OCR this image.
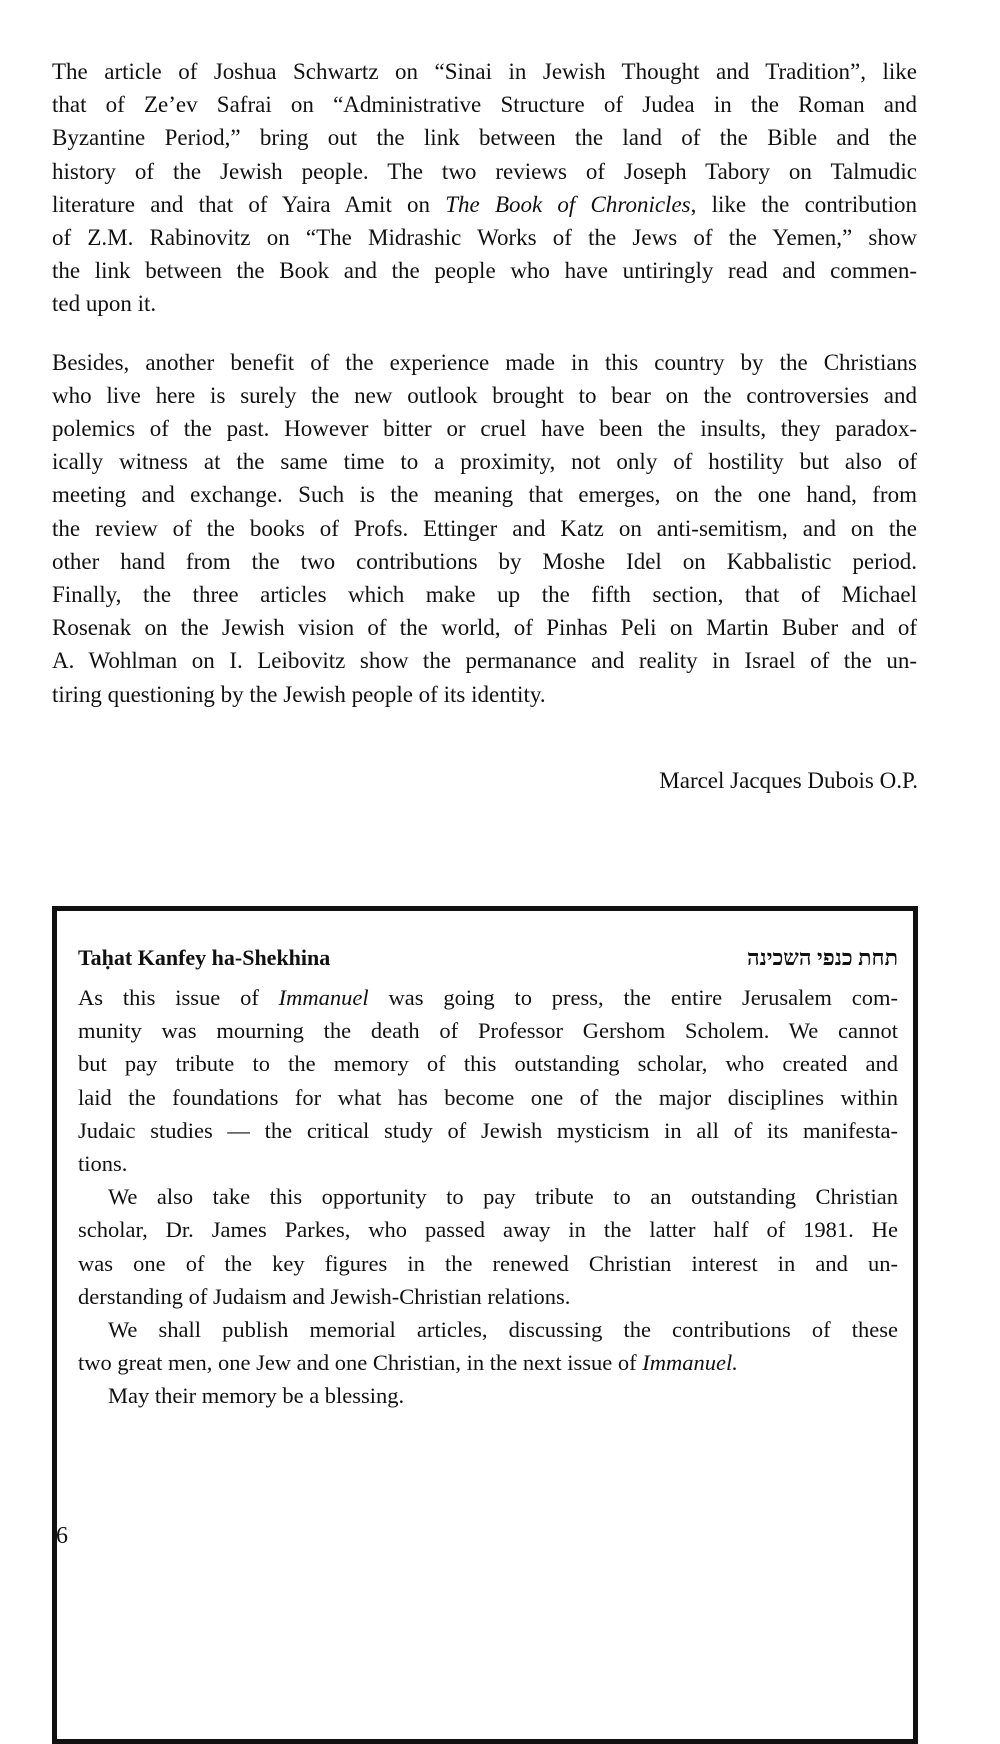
The article of Joshua Schwartz on “Sinai in Jewish Thought and Tradition”, like
that of Ze’ev Safrai on “Administrative Structure of Judea in the Roman and
Byzantine Period,” bring out the link between the land of the Bible and the
history of the Jewish people. The two reviews of Joseph Tabory on Talmudic
literature and that of Yaira Amit on The Book of Chronicles, like the contribution
of Z.M. Rabinovitz on “The Midrashic Works of the Jews of the Yemen,” show
the link between the Book and the people who have untiringly read and commen-
ted upon it.

Besides, another benefit of the experience made in this country by the Christians
who live here is surely the new outlook brought to bear on the controversies and
polemics of the past. However bitter or cruel have been the insults, they paradox-
ically witness at the same time to a proximity, not only of hostility but also of
meeting and exchange. Such is the meaning that emerges, on the one hand, from
the review of the books of Profs. Ettinger and Katz on anti-semitism, and on the
other hand from the two contributions by Moshe Idel on Kabbalistic period.
Finally, the three articles which make up the fifth section, that of Michael
Rosenak on the Jewish vision of the world, of Pinhas Peli on Martin Buber and of
A. Wohlman on I. Leibovitz show the permanance and reality in Israel of the un-
tiring questioning by the Jewish people of its identity.

Marcel Jacques Dubois O.P.
Taḥat Kanfey ha-Shekhina	תחת כנפי השכינה

As this issue of Immanuel was going to press, the entire Jerusalem com-
munity was mourning the death of Professor Gershom Scholem. We cannot
but pay tribute to the memory of this outstanding scholar, who created and
laid the foundations for what has become one of the major disciplines within
Judaic studies — the critical study of Jewish mysticism in all of its manifesta-
tions.

We also take this opportunity to pay tribute to an outstanding Christian
scholar, Dr. James Parkes, who passed away in the latter half of 1981. He
was one of the key figures in the renewed Christian interest in and un-
derstanding of Judaism and Jewish-Christian relations.

We shall publish memorial articles, discussing the contributions of these
two great men, one Jew and one Christian, in the next issue of Immanuel.

May their memory be a blessing.

6
